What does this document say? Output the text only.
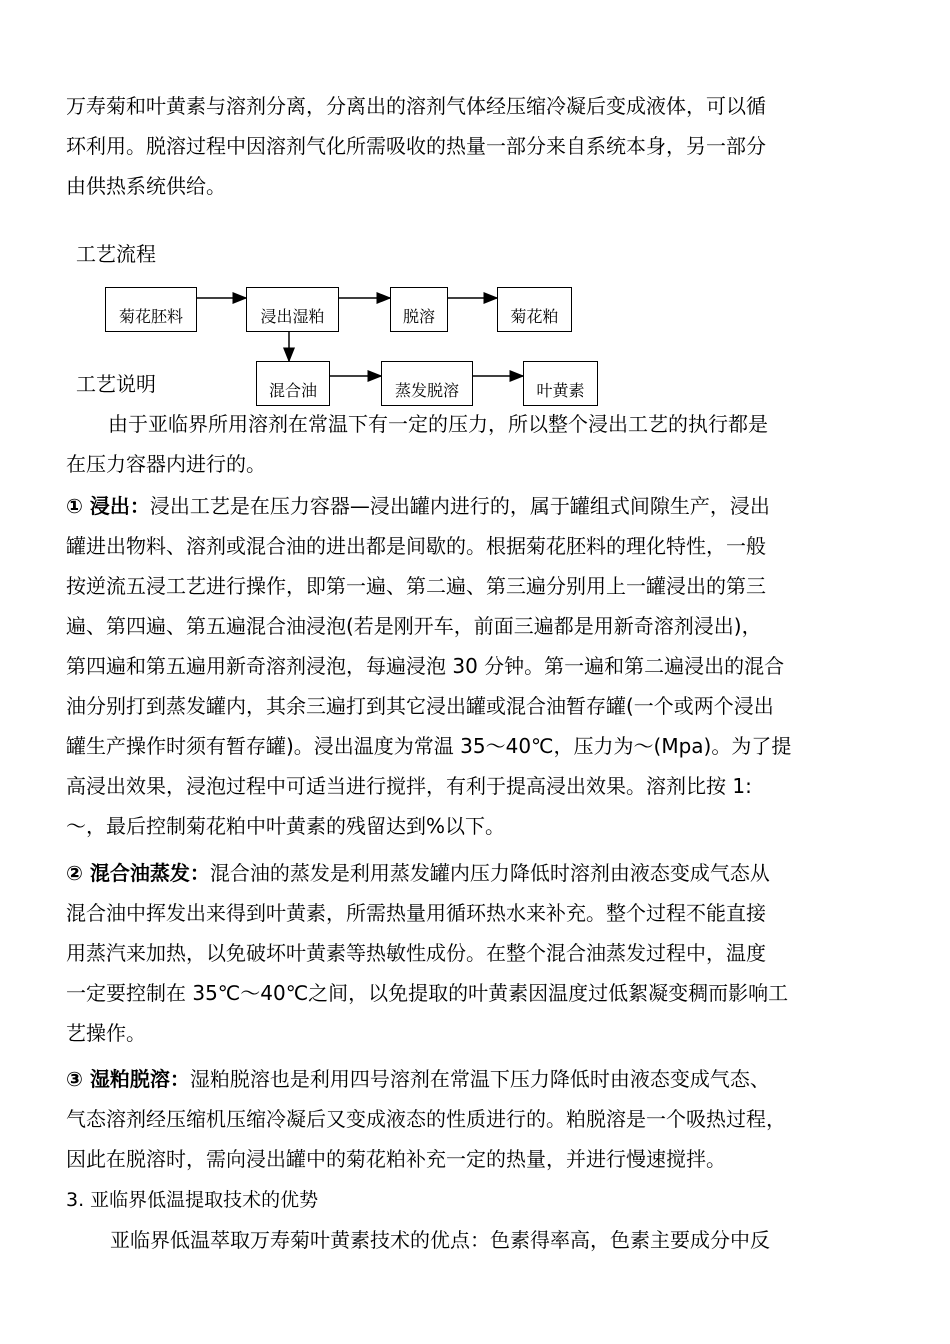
万寿菊和叶黄素与溶剂分离，分离出的溶剂气体经压缩冷凝后变成液体，可以循
环利用。脱溶过程中因溶剂气化所需吸收的热量一部分来自系统本身，另一部分
由供热系统供给。
工艺流程
工艺说明
菊花胚料	浸出湿粕	脱溶	菊花粕
混合油	蒸发脱溶	叶黄素
由于亚临界所用溶剂在常温下有一定的压力，所以整个浸出工艺的执行都是
在压力容器内进行的。
① 浸出：浸出工艺是在压力容器—浸出罐内进行的，属于罐组式间隙生产，浸出
罐进出物料、溶剂或混合油的进出都是间歇的。根据菊花胚料的理化特性，一般
按逆流五浸工艺进行操作，即第一遍、第二遍、第三遍分别用上一罐浸出的第三
遍、第四遍、第五遍混合油浸泡(若是刚开车，前面三遍都是用新奇溶剂浸出)，
第四遍和第五遍用新奇溶剂浸泡，每遍浸泡 30 分钟。第一遍和第二遍浸出的混合
油分别打到蒸发罐内，其余三遍打到其它浸出罐或混合油暂存罐(一个或两个浸出
罐生产操作时须有暂存罐)。浸出温度为常温 35～40℃，压力为～(Mpa)。为了提
高浸出效果，浸泡过程中可适当进行搅拌，有利于提高浸出效果。溶剂比按 1:
～，最后控制菊花粕中叶黄素的残留达到%以下。
② 混合油蒸发：混合油的蒸发是利用蒸发罐内压力降低时溶剂由液态变成气态从
混合油中挥发出来得到叶黄素，所需热量用循环热水来补充。整个过程不能直接
用蒸汽来加热，以免破坏叶黄素等热敏性成份。在整个混合油蒸发过程中，温度
一定要控制在 35℃～40℃之间，以免提取的叶黄素因温度过低絮凝变稠而影响工
艺操作。
③ 湿粕脱溶：湿粕脱溶也是利用四号溶剂在常温下压力降低时由液态变成气态、
气态溶剂经压缩机压缩冷凝后又变成液态的性质进行的。粕脱溶是一个吸热过程，
因此在脱溶时，需向浸出罐中的菊花粕补充一定的热量，并进行慢速搅拌。
3. 亚临界低温提取技术的优势
亚临界低温萃取万寿菊叶黄素技术的优点：色素得率高，色素主要成分中反
